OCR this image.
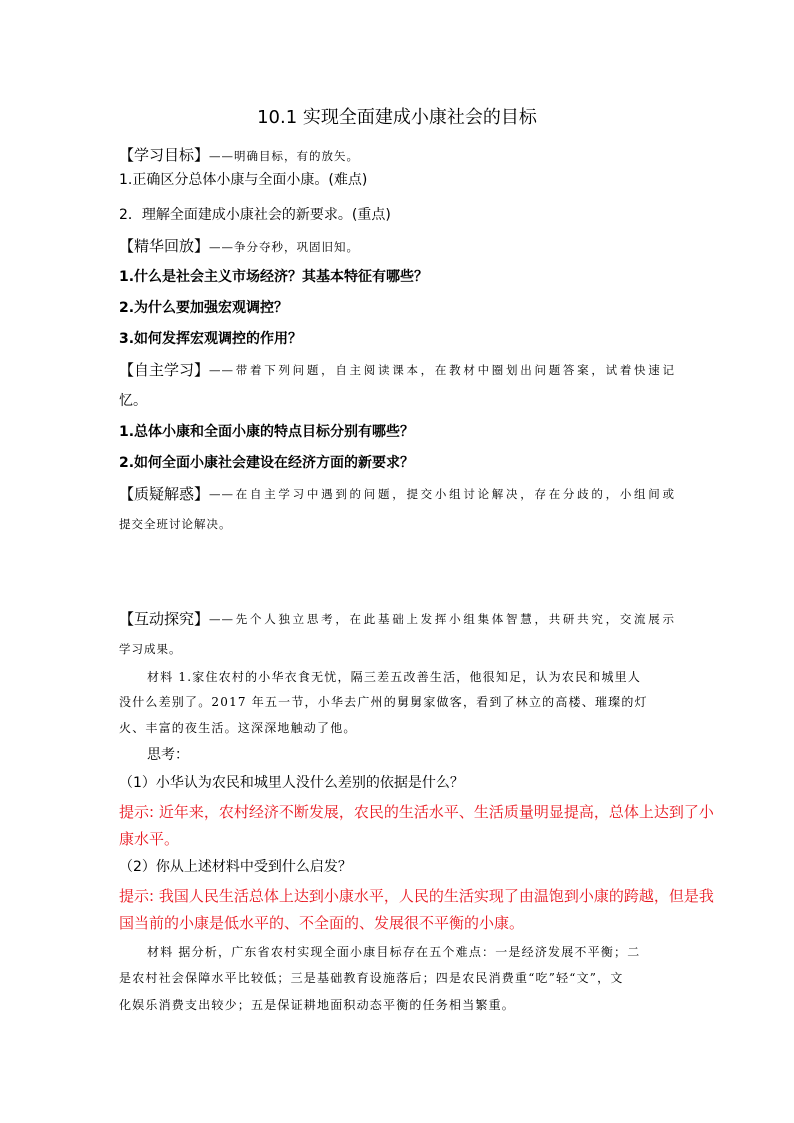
10.1 实现全面建成小康社会的目标
【学习目标】——明确目标，有的放矢。
1.正确区分总体小康与全面小康。(难点)
2．理解全面建成小康社会的新要求。(重点)
【精华回放】——争分夺秒，巩固旧知。
1.什么是社会主义市场经济？其基本特征有哪些？
2.为什么要加强宏观调控？
3.如何发挥宏观调控的作用？
【自主学习】 ——带着下列问题，自主阅读课本，在教材中圈划出问题答案，试着快速记
忆。
1.总体小康和全面小康的特点目标分别有哪些？
2.如何全面小康社会建设在经济方面的新要求？
【质疑解惑】 ——在自主学习中遇到的问题，提交小组讨论解决，存在分歧的，小组间或
提交全班讨论解决。
【互动探究】 ——先个人独立思考，在此基础上发挥小组集体智慧，共研共究，交流展示
学习成果。
材料 1.家住农村的小华衣食无忧，隔三差五改善生活，他很知足，认为农民和城里人
没什么差别了。2017 年五一节，小华去广州的舅舅家做客，看到了林立的高楼、璀璨的灯
火、丰富的夜生活。这深深地触动了他。
思考：
（1）小华认为农民和城里人没什么差别的依据是什么？
提示: 近年来，农村经济不断发展，农民的生活水平、生活质量明显提高，总体上达到了小
康水平。
（2）你从上述材料中受到什么启发？
提示: 我国人民生活总体上达到小康水平，人民的生活实现了由温饱到小康的跨越，但是我
国当前的小康是低水平的、不全面的、发展很不平衡的小康。
材料 据分析，广东省农村实现全面小康目标存在五个难点：一是经济发展不平衡；二
是农村社会保障水平比较低；三是基础教育设施落后；四是农民消费重“吃”轻“文”，文
化娱乐消费支出较少；五是保证耕地面积动态平衡的任务相当繁重。
